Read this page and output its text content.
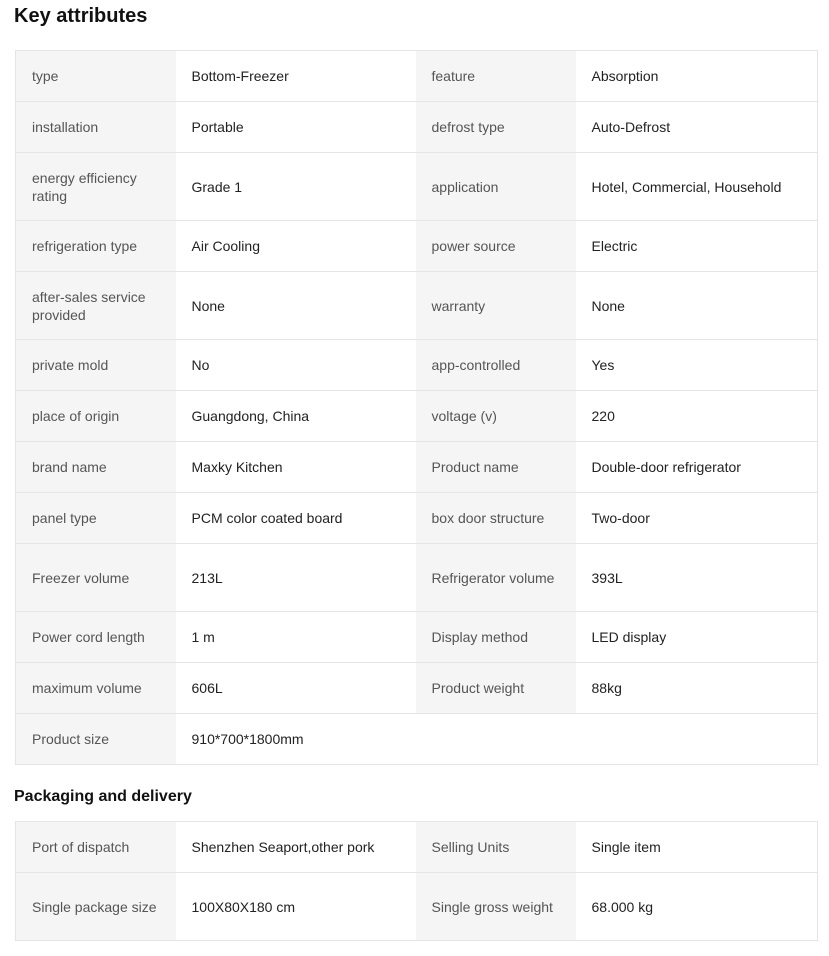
Key attributes
type	Bottom-Freezer	feature	Absorption
installation	Portable	defrost type	Auto-Defrost
energy efficiency rating	Grade 1	application	Hotel, Commercial, Household
refrigeration type	Air Cooling	power source	Electric
after-sales service provided	None	warranty	None
private mold	No	app-controlled	Yes
place of origin	Guangdong, China	voltage (v)	220
brand name	Maxky Kitchen	Product name	Double-door refrigerator
panel type	PCM color coated board	box door structure	Two-door
Freezer volume	213L	Refrigerator volume	393L
Power cord length	1 m	Display method	LED display
maximum volume	606L	Product weight	88kg
Product size	910*700*1800mm		
Packaging and delivery
Port of dispatch	Shenzhen Seaport,other pork	Selling Units	Single item
Single package size	100X80X180 cm	Single gross weight	68.000 kg
